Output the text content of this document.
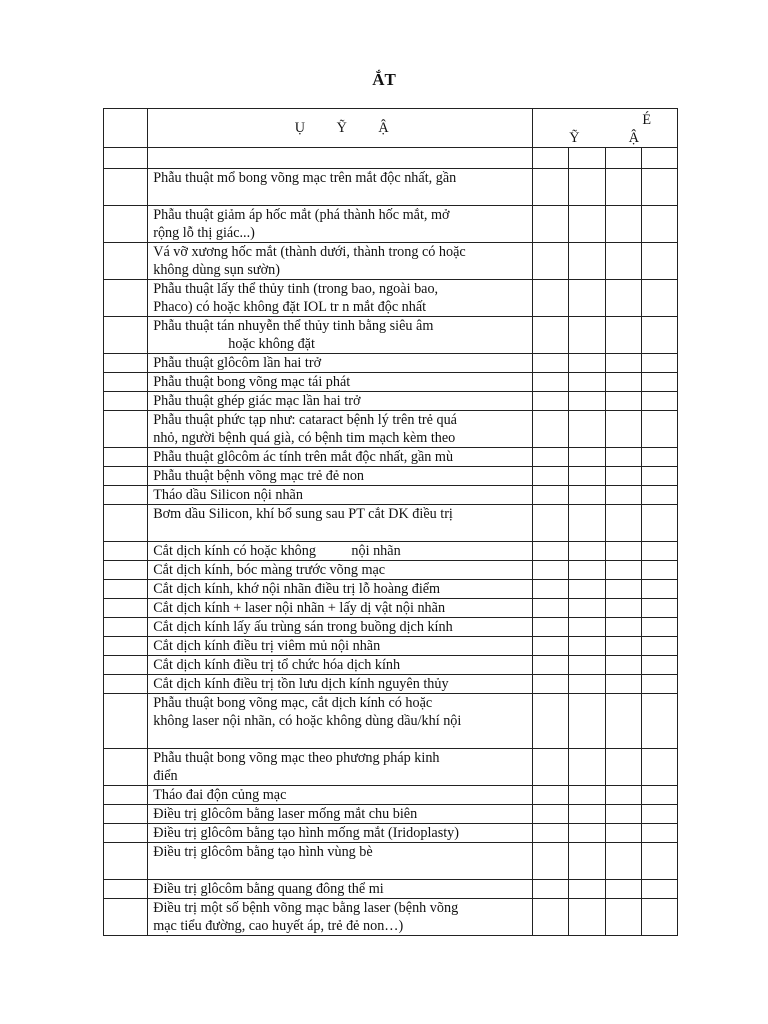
ẮT
	Ụ Ỹ Ậ	É
Ỹ Ậ			

	Phẫu thuật mổ bong võng mạc trên mắt độc nhất, gần				

	Phẫu thuật giảm áp hốc mắt (phá thành hốc mắt, mở
rộng lỗ thị giác...)				

	Vá vỡ xương hốc mắt (thành dưới, thành trong có hoặc
không dùng sụn sườn)				

	Phẫu thuật lấy thể thủy tinh (trong bao, ngoài bao,
Phaco) có hoặc không đặt IOL tr n mắt độc nhất				

	Phẫu thuật tán nhuyễn thể thủy tinh bằng siêu âm
hoặc không đặt				

	Phẫu thuật glôcôm lần hai trở				

	Phẫu thuật bong võng mạc tái phát				

	Phẫu thuật ghép giác mạc lần hai trở				

	Phẫu thuật phức tạp như: cataract bệnh lý trên trẻ quá
nhỏ, người bệnh quá già, có bệnh tim mạch kèm theo				

	Phẫu thuật glôcôm ác tính trên mắt độc nhất, gần mù				

	Phẫu thuật bệnh võng mạc trẻ đẻ non				

	Tháo dầu Silicon nội nhãn				

	Bơm dầu Silicon, khí bổ sung sau PT cắt DK điều trị				

	Cắt dịch kính có hoặc không          nội nhãn				

	Cắt dịch kính, bóc màng trước võng mạc				

	Cắt dịch kính, khớ nội nhãn điều trị lỗ hoàng điểm				

	Cắt dịch kính + laser nội nhãn + lấy dị vật nội nhãn				

	Cắt dịch kính lấy ấu trùng sán trong buồng dịch kính				

	Cắt dịch kính điều trị viêm mủ nội nhãn				

	Cắt dịch kính điều trị tổ chức hóa dịch kính				

	Cắt dịch kính điều trị tồn lưu dịch kính nguyên thủy				

	Phẫu thuật bong võng mạc, cắt dịch kính có hoặc
không laser nội nhãn, có hoặc không dùng dầu/khí nội				

	Phẫu thuật bong võng mạc theo phương pháp kinh
điển				

	Tháo đai độn củng mạc				

	Điều trị glôcôm bằng laser mống mắt chu biên				

	Điều trị glôcôm bằng tạo hình mống mắt (Iridoplasty)				

	Điều trị glôcôm bằng tạo hình vùng bè				

	Điều trị glôcôm bằng quang đông thể mi				

	Điều trị một số bệnh võng mạc bằng laser (bệnh võng
mạc tiểu đường, cao huyết áp, trẻ đẻ non…)				
